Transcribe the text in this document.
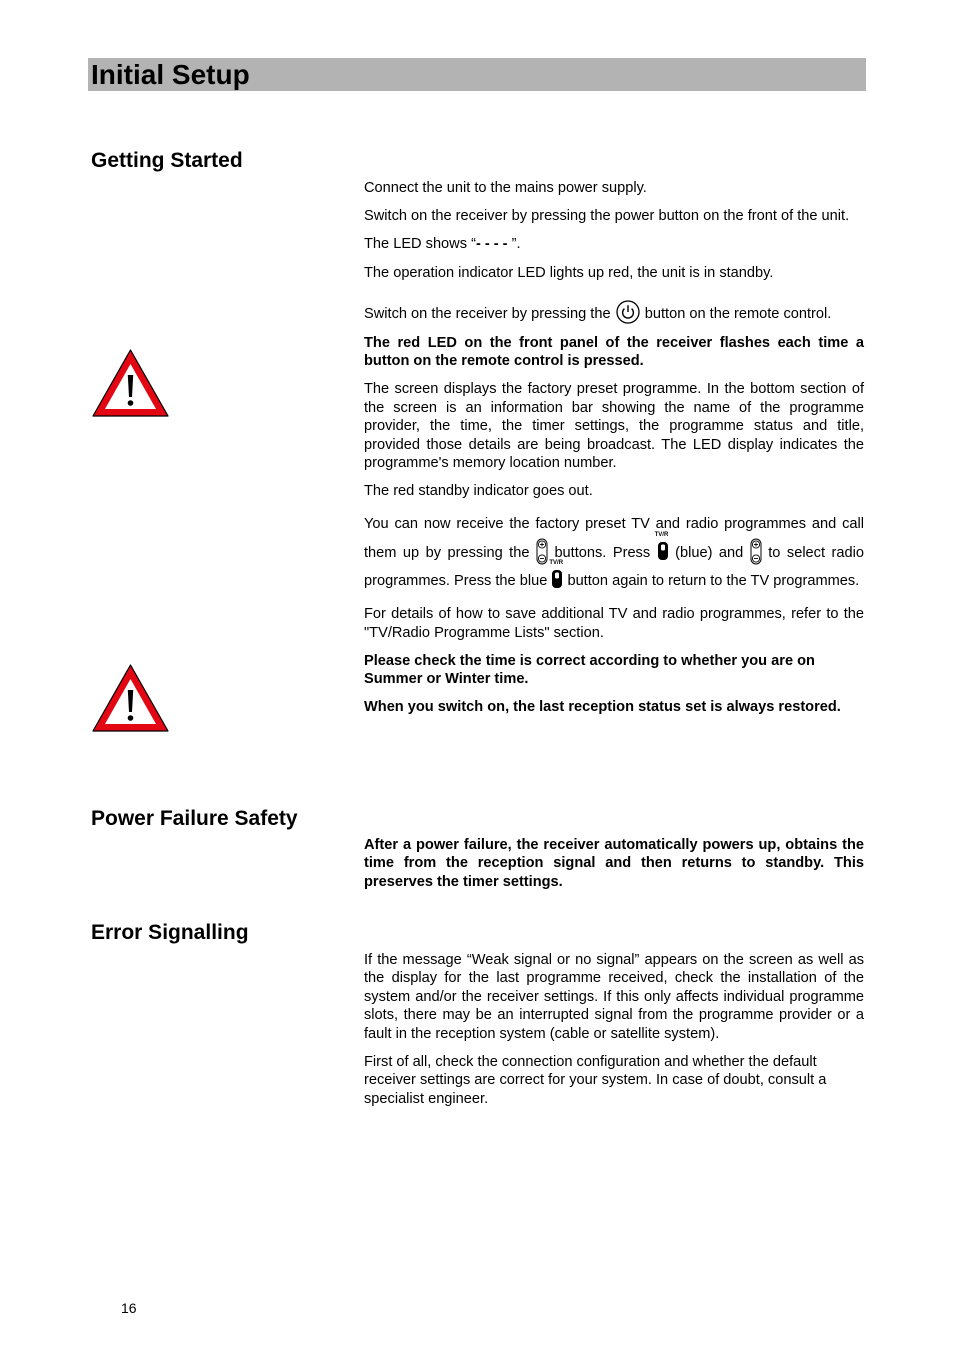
Initial Setup
Getting Started

Connect the unit to the mains power supply.

Switch on the receiver by pressing the power button on the front of the unit.

The LED shows “- - - - ”.

The operation indicator LED lights up red, the unit is in standby.

Switch on the receiver by pressing the button on the remote control.

The red LED on the front panel of the receiver flashes each time a button on the remote control is pressed.

The screen displays the factory preset programme. In the bottom section of the screen is an information bar showing the name of the programme provider, the time, the timer settings, the programme status and title, provided those details are being broadcast. The LED display indicates the programme's memory location number.

The red standby indicator goes out.

You can now receive the factory preset TV and radio programmes and call them up by pressing the buttons. Press
TV/R
(blue) and to select radio programmes. Press the blue
TV/R
button again to return to the TV programmes.

For details of how to save additional TV and radio programmes, refer to the "TV/Radio Programme Lists" section.

Please check the time is correct according to whether you are on Summer or Winter time.

When you switch on, the last reception status set is always restored.

Power Failure Safety

After a power failure, the receiver automatically powers up, obtains the time from the reception signal and then returns to standby. This preserves the timer settings.

Error Signalling

If the message “Weak signal or no signal” appears on the screen as well as the display for the last programme received, check the installation of the system and/or the receiver settings. If this only affects individual programme slots, there may be an interrupted signal from the programme provider or a fault in the reception system (cable or satellite system).

First of all, check the connection configuration and whether the default receiver settings are correct for your system. In case of doubt, consult a specialist engineer.

16
